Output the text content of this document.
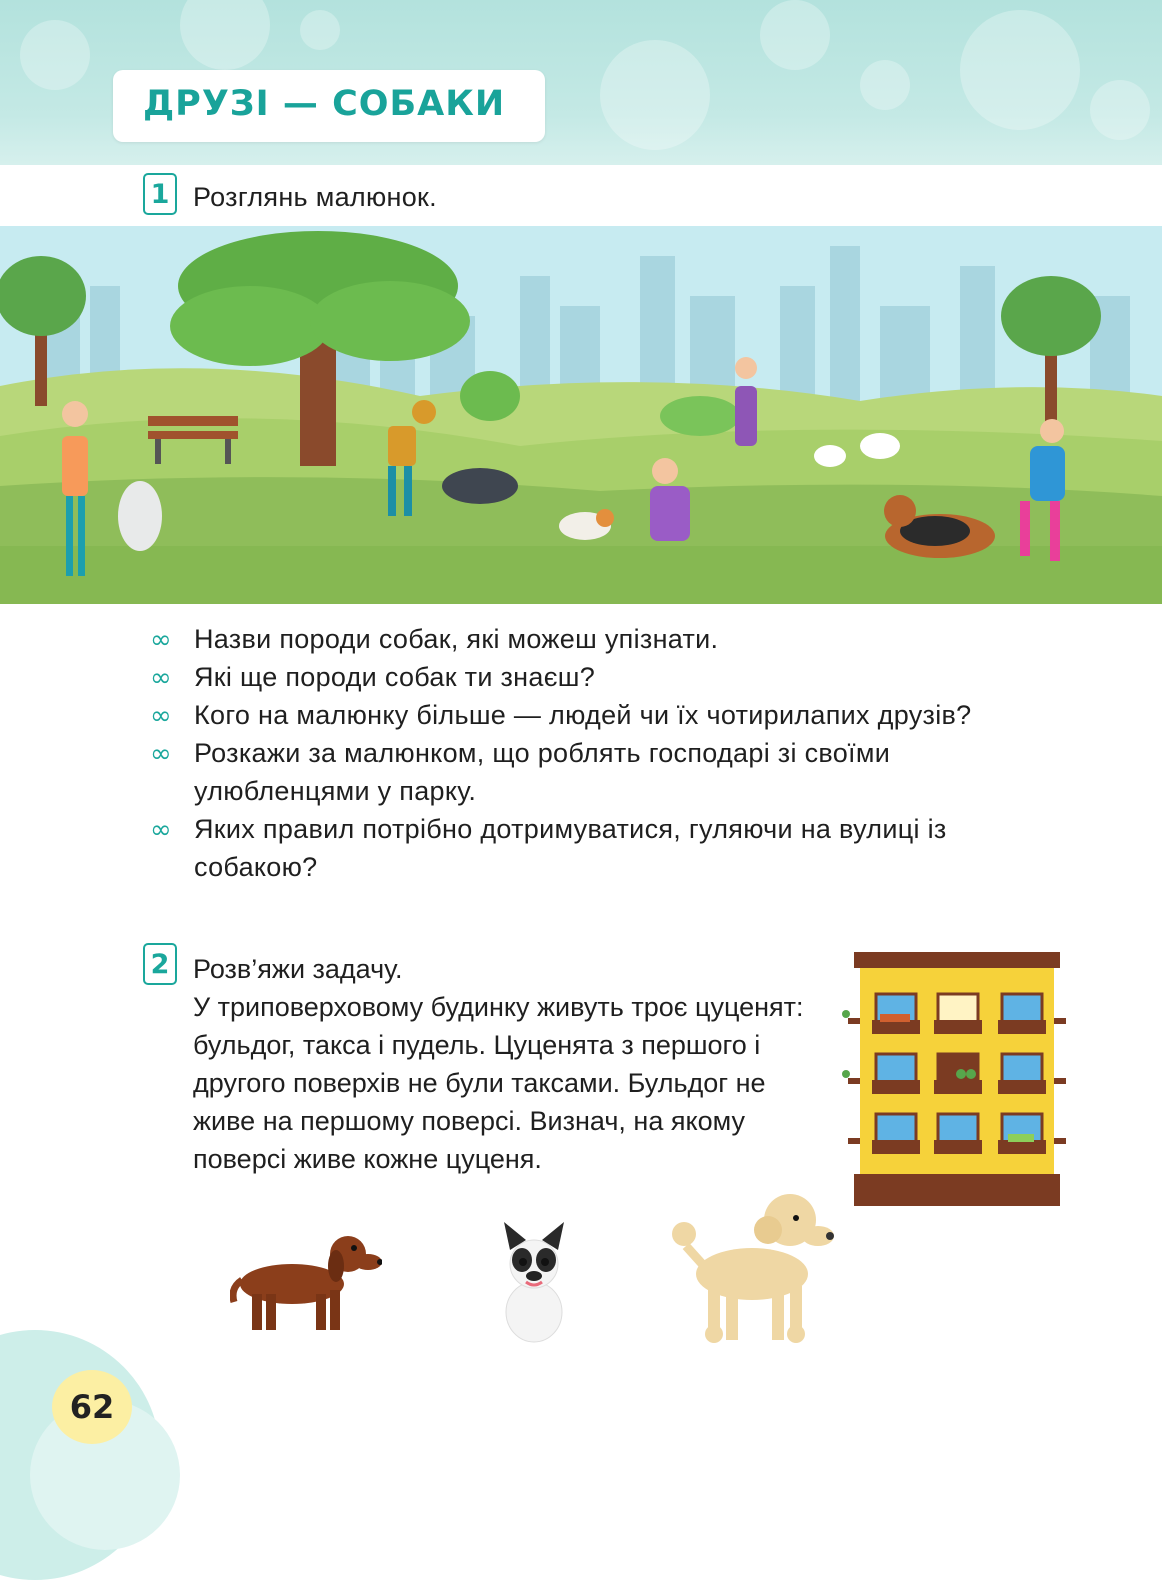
ДРУЗІ — СОБАКИ
1 Розглянь малюнок.
∞ Назви породи собак, які можеш упізнати.
∞ Які ще породи собак ти знаєш?
∞ Кого на малюнку більше — людей чи їх чотирилапих друзів?
∞ Розкажи за малюнком, що роблять господарі зі своїми улюбленцями у парку.
∞ Яких правил потрібно дотримуватися, гуляючи на вулиці із собакою?
2 Розв’яжи задачу.

У триповерховому будинку живуть троє цуценят: бульдог, такса і пудель. Цуценята з першого і другого поверхів не були таксами. Бульдог не живе на першому поверсі. Визнач, на якому поверсі живе кожне цуценя.

62
